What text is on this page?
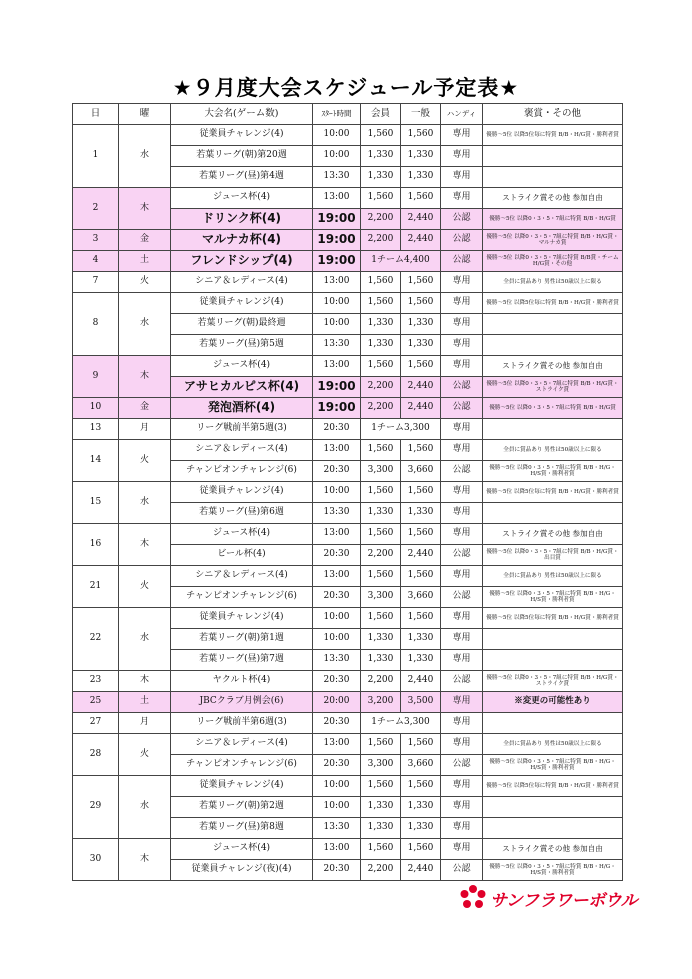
★９月度大会スケジュール予定表★
日	曜	大会名(ゲーム数)	ｽﾀｰﾄ時間	会員	一般	ハンディ	褒賞・その他
1	水	従業員チャレンジ(4)	10:00	1,560	1,560	専用	優勝～5位 以降5位毎に特賞 B/B・H/G賞・勝利者賞
		若葉リーグ(朝)第20週	10:00	1,330	1,330	専用	
		若葉リーグ(昼)第4週	13:30	1,330	1,330	専用	
2	木	ジュース杯(4)	13:00	1,560	1,560	専用	ストライク賞その他 参加自由
		ドリンク杯(4)	19:00	2,200	2,440	公認	優勝～5位 以降0・3・5・7組に特賞 B/B・H/G賞
3	金	マルナカ杯(4)	19:00	2,200	2,440	公認	優勝～5位 以降0・3・5・7組に特賞 B/B・H/G賞・マルナカ賞
4	土	フレンドシップ(4)	19:00	1チーム4,400		公認	優勝～5位 以降0・3・5・7組に特賞 B/B賞・チームH/G賞・その他
7	火	シニア＆レディース(4)	13:00	1,560	1,560	専用	全員に賞品あり 男性は50歳以上に限る
8	水	従業員チャレンジ(4)	10:00	1,560	1,560	専用	優勝～5位 以降5位毎に特賞 B/B・H/G賞・勝利者賞
		若葉リーグ(朝)最終週	10:00	1,330	1,330	専用	
		若葉リーグ(昼)第5週	13:30	1,330	1,330	専用	
9	木	ジュース杯(4)	13:00	1,560	1,560	専用	ストライク賞その他 参加自由
		アサヒカルピス杯(4)	19:00	2,200	2,440	公認	優勝～5位 以降0・3・5・7組に特賞 B/B・H/G賞・ストライク賞
10	金	発泡酒杯(4)	19:00	2,200	2,440	公認	優勝～5位 以降0・3・5・7組に特賞 B/B・H/G賞
13	月	リーグ戦前半第5週(3)	20:30	1チーム3,300		専用	
14	火	シニア＆レディース(4)	13:00	1,560	1,560	専用	全員に賞品あり 男性は50歳以上に限る
		チャンピオンチャレンジ(6)	20:30	3,300	3,660	公認	優勝～5位 以降0・3・5・7組に特賞 B/B・H/G・H/S賞・勝利者賞
15	水	従業員チャレンジ(4)	10:00	1,560	1,560	専用	優勝～5位 以降5位毎に特賞 B/B・H/G賞・勝利者賞
		若葉リーグ(昼)第6週	13:30	1,330	1,330	専用	
16	木	ジュース杯(4)	13:00	1,560	1,560	専用	ストライク賞その他 参加自由
		ビール杯(4)	20:30	2,200	2,440	公認	優勝～5位 以降0・3・5・7組に特賞 B/B・H/G賞・出目賞
21	火	シニア＆レディース(4)	13:00	1,560	1,560	専用	全員に賞品あり 男性は50歳以上に限る
		チャンピオンチャレンジ(6)	20:30	3,300	3,660	公認	優勝～5位 以降0・3・5・7組に特賞 B/B・H/G・H/S賞・勝利者賞
22	水	従業員チャレンジ(4)	10:00	1,560	1,560	専用	優勝～5位 以降5位毎に特賞 B/B・H/G賞・勝利者賞
		若葉リーグ(朝)第1週	10:00	1,330	1,330	専用	
		若葉リーグ(昼)第7週	13:30	1,330	1,330	専用	
23	木	ヤクルト杯(4)	20:30	2,200	2,440	公認	優勝～5位 以降0・3・5・7組に特賞 B/B・H/G賞・ストライク賞
25	土	JBCクラブ月例会(6)	20:00	3,200	3,500	専用	※変更の可能性あり
27	月	リーグ戦前半第6週(3)	20:30	1チーム3,300		専用	
28	火	シニア＆レディース(4)	13:00	1,560	1,560	専用	全員に賞品あり 男性は50歳以上に限る
		チャンピオンチャレンジ(6)	20:30	3,300	3,660	公認	優勝～5位 以降0・3・5・7組に特賞 B/B・H/G・H/S賞・勝利者賞
29	水	従業員チャレンジ(4)	10:00	1,560	1,560	専用	優勝～5位 以降5位毎に特賞 B/B・H/G賞・勝利者賞
		若葉リーグ(朝)第2週	10:00	1,330	1,330	専用	
		若葉リーグ(昼)第8週	13:30	1,330	1,330	専用	
30	木	ジュース杯(4)	13:00	1,560	1,560	専用	ストライク賞その他 参加自由
		従業員チャレンジ(夜)(4)	20:30	2,200	2,440	公認	優勝～5位 以降0・3・5・7組に特賞 B/B・H/G・H/S賞・勝利者賞
サンフラワーボウル
